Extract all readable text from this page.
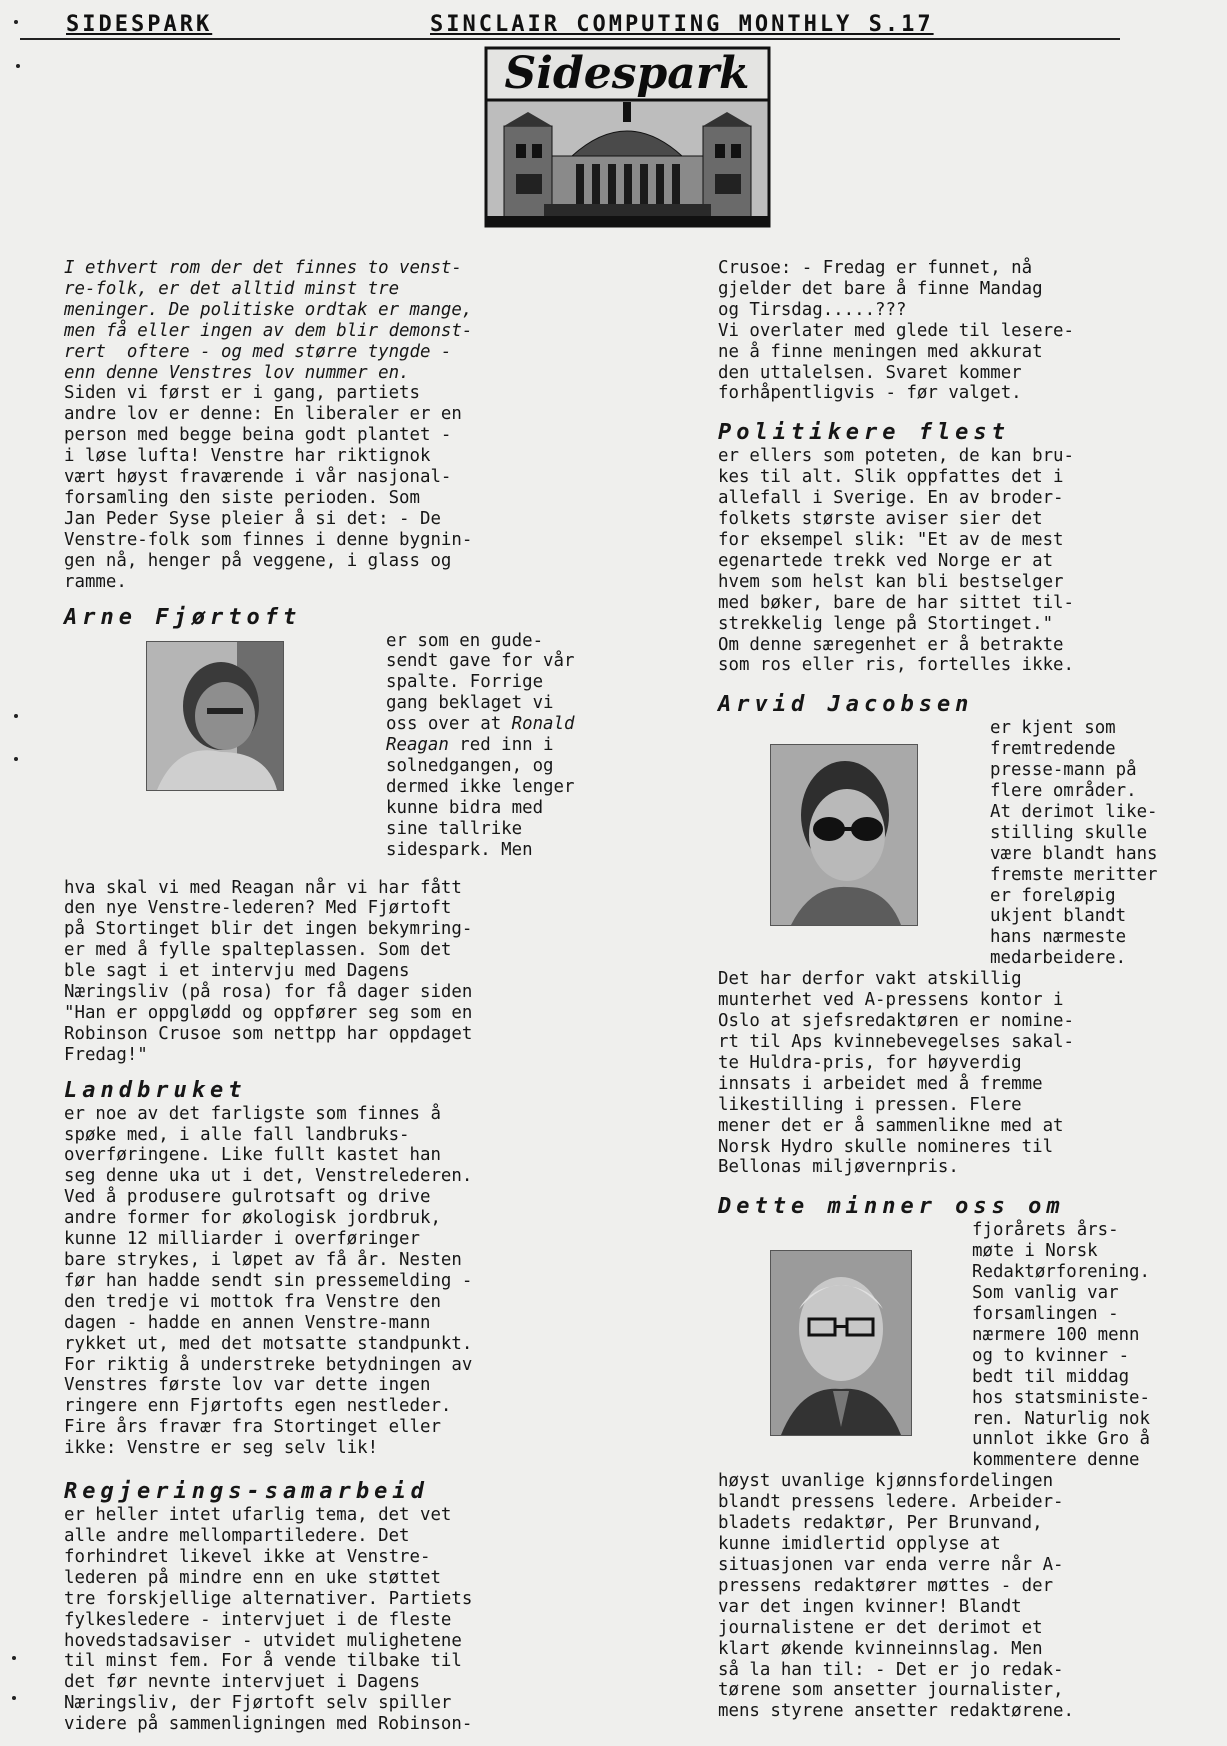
SIDESPARK	SINCLAIR COMPUTING MONTHLY S.17
Sidespark

I ethvert rom der det finnes to venst-
re-folk, er det alltid minst tre
meninger. De politiske ordtak er mange,
men få eller ingen av dem blir demonst-
rert  oftere - og med større tyngde -
enn denne Venstres lov nummer en.

Siden vi først er i gang, partiets
andre lov er denne: En liberaler er en
person med begge beina godt plantet -
i løse lufta! Venstre har riktignok
vært høyst fraværende i vår nasjonal-
forsamling den siste perioden. Som
Jan Peder Syse pleier å si det: - De
Venstre-folk som finnes i denne bygnin-
gen nå, henger på veggene, i glass og
ramme.

Arne Fjørtoft

er som en gude-
sendt gave for vår
spalte. Forrige
gang beklaget vi
oss over at Ronald
Reagan red inn i
solnedgangen, og
dermed ikke lenger
kunne bidra med
sine tallrike
sidespark. Men

hva skal vi med Reagan når vi har fått
den nye Venstre-lederen? Med Fjørtoft
på Stortinget blir det ingen bekymring-
er med å fylle spalteplassen. Som det
ble sagt i et intervju med Dagens
Næringsliv (på rosa) for få dager siden
"Han er oppglødd og oppfører seg som en
Robinson Crusoe som nettpp har oppdaget
Fredag!"

Landbruket

er noe av det farligste som finnes å
spøke med, i alle fall landbruks-
overføringene. Like fullt kastet han
seg denne uka ut i det, Venstrelederen.
Ved å produsere gulrotsaft og drive
andre former for økologisk jordbruk,
kunne 12 milliarder i overføringer
bare strykes, i løpet av få år. Nesten
før han hadde sendt sin pressemelding -
den tredje vi mottok fra Venstre den
dagen - hadde en annen Venstre-mann
rykket ut, med det motsatte standpunkt.
For riktig å understreke betydningen av
Venstres første lov var dette ingen
ringere enn Fjørtofts egen nestleder.
Fire års fravær fra Stortinget eller
ikke: Venstre er seg selv lik!

Regjerings-samarbeid

er heller intet ufarlig tema, det vet
alle andre mellompartiledere. Det
forhindret likevel ikke at Venstre-
lederen på mindre enn en uke støttet
tre forskjellige alternativer. Partiets
fylkesledere - intervjuet i de fleste
hovedstadsaviser - utvidet mulighetene
til minst fem. For å vende tilbake til
det før nevnte intervjuet i Dagens
Næringsliv, der Fjørtoft selv spiller
videre på sammenligningen med Robinson-

Crusoe: - Fredag er funnet, nå
gjelder det bare å finne Mandag
og Tirsdag.....???
Vi overlater med glede til lesere-
ne å finne meningen med akkurat
den uttalelsen. Svaret kommer
forhåpentligvis - før valget.

Politikere flest

er ellers som poteten, de kan bru-
kes til alt. Slik oppfattes det i
allefall i Sverige. En av broder-
folkets største aviser sier det
for eksempel slik: "Et av de mest
egenartede trekk ved Norge er at
hvem som helst kan bli bestselger
med bøker, bare de har sittet til-
strekkelig lenge på Stortinget."
Om denne særegenhet er å betrakte
som ros eller ris, fortelles ikke.

Arvid Jacobsen

er kjent som
fremtredende
presse-mann på
flere områder.
At derimot like-
stilling skulle
være blandt hans
fremste meritter
er foreløpig
ukjent blandt
hans nærmeste
medarbeidere.

Det har derfor vakt atskillig
munterhet ved A-pressens kontor i
Oslo at sjefsredaktøren er nomine-
rt til Aps kvinnebevegelses sakal-
te Huldra-pris, for høyverdig
innsats i arbeidet med å fremme
likestilling i pressen. Flere
mener det er å sammenlikne med at
Norsk Hydro skulle nomineres til
Bellonas miljøvernpris.

Dette minner oss om

fjorårets års-
møte i Norsk
Redaktørforening.
Som vanlig var
forsamlingen -
nærmere 100 menn
og to kvinner -
bedt til middag
hos statsministe-
ren. Naturlig nok
unnlot ikke Gro å
kommentere denne

høyst uvanlige kjønnsfordelingen
blandt pressens ledere. Arbeider-
bladets redaktør, Per Brunvand,
kunne imidlertid opplyse at
situasjonen var enda verre når A-
pressens redaktører møttes - der
var det ingen kvinner! Blandt
journalistene er det derimot et
klart økende kvinneinnslag. Men
så la han til: - Det er jo redak-
tørene som ansetter journalister,
mens styrene ansetter redaktørene.
